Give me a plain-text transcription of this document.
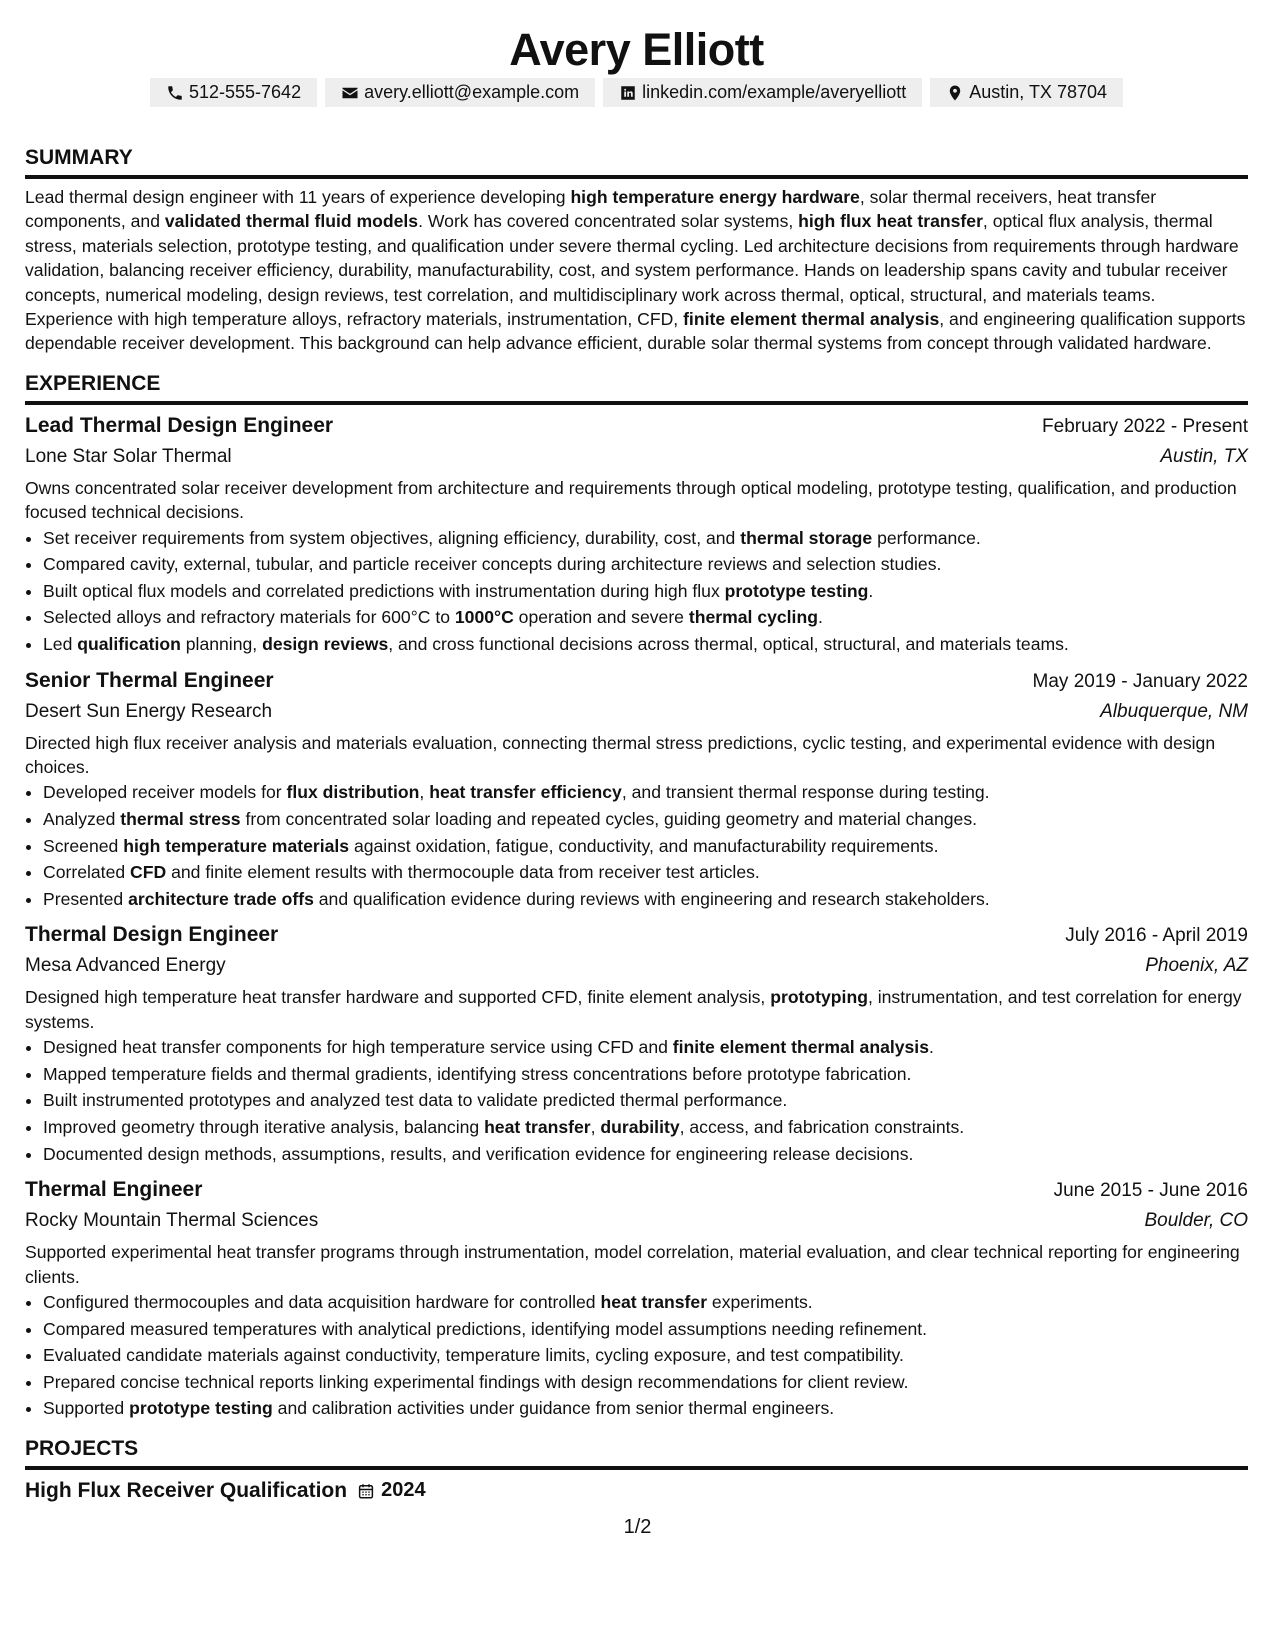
Avery Elliott
512-555-7642	avery.elliott@example.com	linkedin.com/example/averyelliott	Austin, TX 78704
SUMMARY
Lead thermal design engineer with 11 years of experience developing high temperature energy hardware, solar thermal receivers, heat transfer components, and validated thermal fluid models. Work has covered concentrated solar systems, high flux heat transfer, optical flux analysis, thermal stress, materials selection, prototype testing, and qualification under severe thermal cycling. Led architecture decisions from requirements through hardware validation, balancing receiver efficiency, durability, manufacturability, cost, and system performance. Hands on leadership spans cavity and tubular receiver concepts, numerical modeling, design reviews, test correlation, and multidisciplinary work across thermal, optical, structural, and materials teams. Experience with high temperature alloys, refractory materials, instrumentation, CFD, finite element thermal analysis, and engineering qualification supports dependable receiver development. This background can help advance efficient, durable solar thermal systems from concept through validated hardware.
EXPERIENCE
Lead Thermal Design Engineer	February 2022 - Present
Lone Star Solar Thermal	Austin, TX
Owns concentrated solar receiver development from architecture and requirements through optical modeling, prototype testing, qualification, and production focused technical decisions.
• Set receiver requirements from system objectives, aligning efficiency, durability, cost, and thermal storage performance.
• Compared cavity, external, tubular, and particle receiver concepts during architecture reviews and selection studies.
• Built optical flux models and correlated predictions with instrumentation during high flux prototype testing.
• Selected alloys and refractory materials for 600°C to 1000°C operation and severe thermal cycling.
• Led qualification planning, design reviews, and cross functional decisions across thermal, optical, structural, and materials teams.
Senior Thermal Engineer	May 2019 - January 2022
Desert Sun Energy Research	Albuquerque, NM
Directed high flux receiver analysis and materials evaluation, connecting thermal stress predictions, cyclic testing, and experimental evidence with design choices.
• Developed receiver models for flux distribution, heat transfer efficiency, and transient thermal response during testing.
• Analyzed thermal stress from concentrated solar loading and repeated cycles, guiding geometry and material changes.
• Screened high temperature materials against oxidation, fatigue, conductivity, and manufacturability requirements.
• Correlated CFD and finite element results with thermocouple data from receiver test articles.
• Presented architecture trade offs and qualification evidence during reviews with engineering and research stakeholders.
Thermal Design Engineer	July 2016 - April 2019
Mesa Advanced Energy	Phoenix, AZ
Designed high temperature heat transfer hardware and supported CFD, finite element analysis, prototyping, instrumentation, and test correlation for energy systems.
• Designed heat transfer components for high temperature service using CFD and finite element thermal analysis.
• Mapped temperature fields and thermal gradients, identifying stress concentrations before prototype fabrication.
• Built instrumented prototypes and analyzed test data to validate predicted thermal performance.
• Improved geometry through iterative analysis, balancing heat transfer, durability, access, and fabrication constraints.
• Documented design methods, assumptions, results, and verification evidence for engineering release decisions.
Thermal Engineer	June 2015 - June 2016
Rocky Mountain Thermal Sciences	Boulder, CO
Supported experimental heat transfer programs through instrumentation, model correlation, material evaluation, and clear technical reporting for engineering clients.
• Configured thermocouples and data acquisition hardware for controlled heat transfer experiments.
• Compared measured temperatures with analytical predictions, identifying model assumptions needing refinement.
• Evaluated candidate materials against conductivity, temperature limits, cycling exposure, and test compatibility.
• Prepared concise technical reports linking experimental findings with design recommendations for client review.
• Supported prototype testing and calibration activities under guidance from senior thermal engineers.
PROJECTS
High Flux Receiver Qualification 2024
1/2
